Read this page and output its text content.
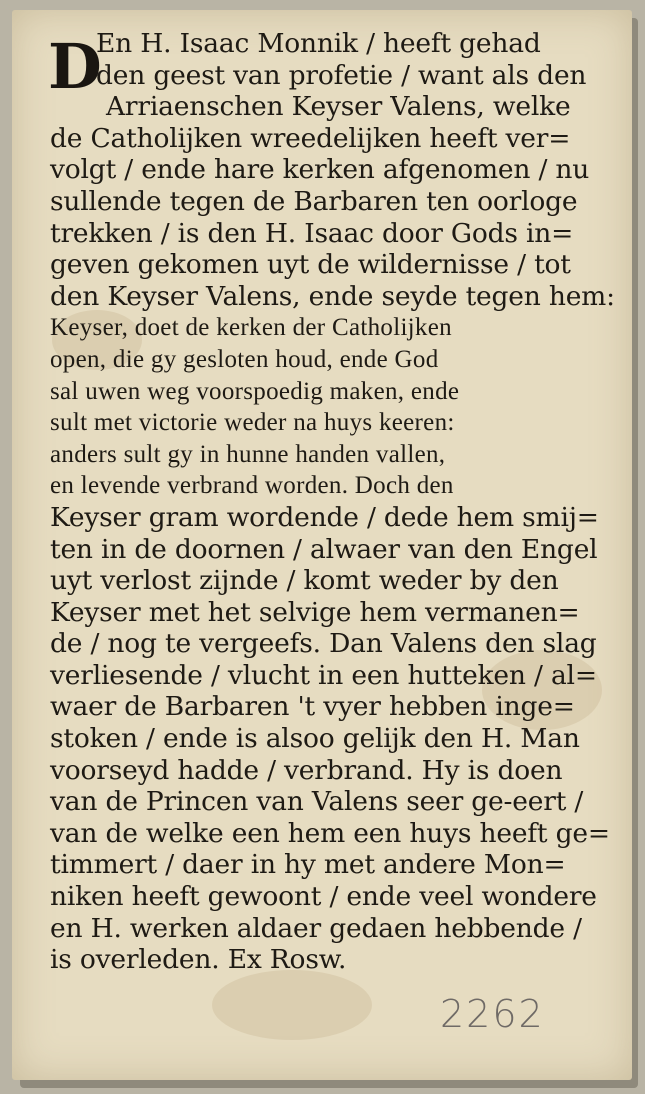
D
En H. Isaac Monnik / heeft gehad
den geest van profetie / want als den
Arriaenschen Keyser Valens, welke
de Catholijken wreedelijken heeft ver=
volgt / ende hare kerken afgenomen / nu
sullende tegen de Barbaren ten oorloge
trekken / is den H. Isaac door Gods in=
geven gekomen uyt de wildernisse / tot
den Keyser Valens, ende seyde tegen hem:
Keyser, doet de kerken der Catholijken
open, die gy gesloten houd, ende God
sal uwen weg voorspoedig maken, ende
sult met victorie weder na huys keeren:
anders sult gy in hunne handen vallen,
en levende verbrand worden. Doch den
Keyser gram wordende / dede hem smij=
ten in de doornen / alwaer van den Engel
uyt verlost zijnde / komt weder by den
Keyser met het selvige hem vermanen=
de / nog te vergeefs. Dan Valens den slag
verliesende / vlucht in een hutteken / al=
waer de Barbaren 't vyer hebben inge=
stoken / ende is alsoo gelijk den H. Man
voorseyd hadde / verbrand. Hy is doen
van de Princen van Valens seer ge-eert /
van de welke een hem een huys heeft ge=
timmert / daer in hy met andere Mon=
niken heeft gewoont / ende veel wondere
en H. werken aldaer gedaen hebbende /
is overleden. Ex Rosw.
2262
